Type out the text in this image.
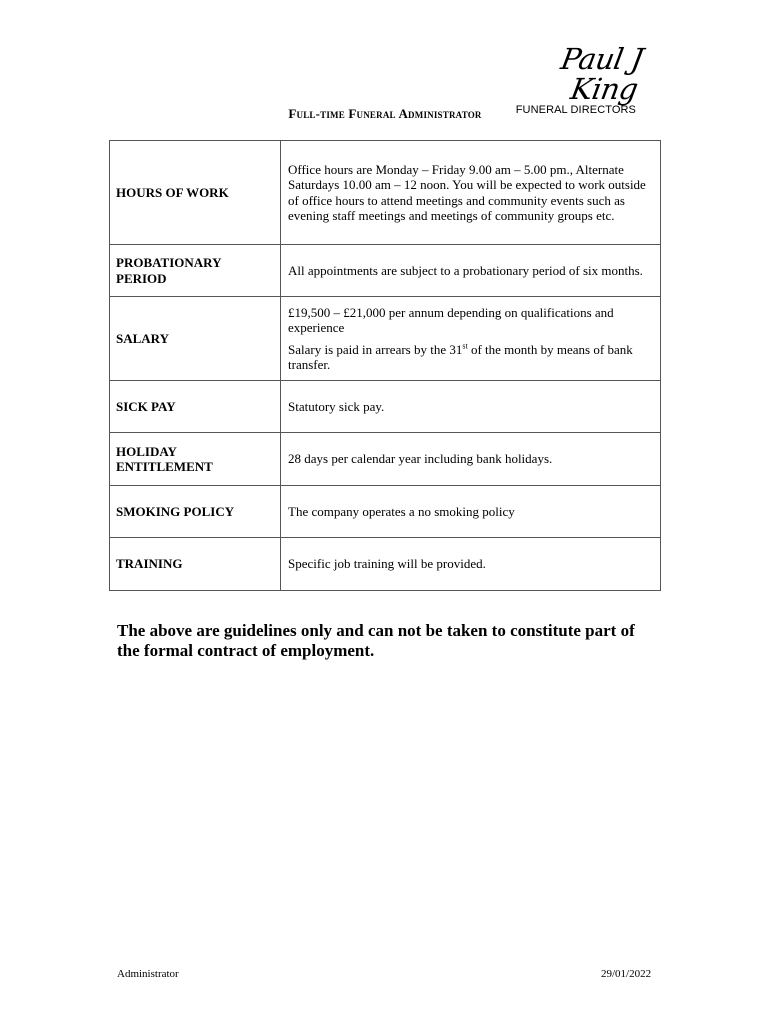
Paul J King
FUNERAL DIRECTORS
Full-time Funeral Administrator
HOURS OF WORK	Office hours are Monday – Friday 9.00 am – 5.00 pm., Alternate Saturdays 10.00 am – 12 noon. You will be expected to work outside of office hours to attend meetings and community events such as evening staff meetings and meetings of community groups etc.

PROBATIONARY PERIOD	All appointments are subject to a probationary period of six months.

SALARY	£19,500 – £21,000 per annum depending on qualifications and experience

Salary is paid in arrears by the 31st of the month by means of bank transfer.

SICK PAY	Statutory sick pay.

HOLIDAY ENTITLEMENT	28 days per calendar year including bank holidays.

SMOKING POLICY	The company operates a no smoking policy

TRAINING	Specific job training will be provided.

The above are guidelines only and can not be taken to constitute part of the formal contract of employment.
Administrator	29/01/2022
